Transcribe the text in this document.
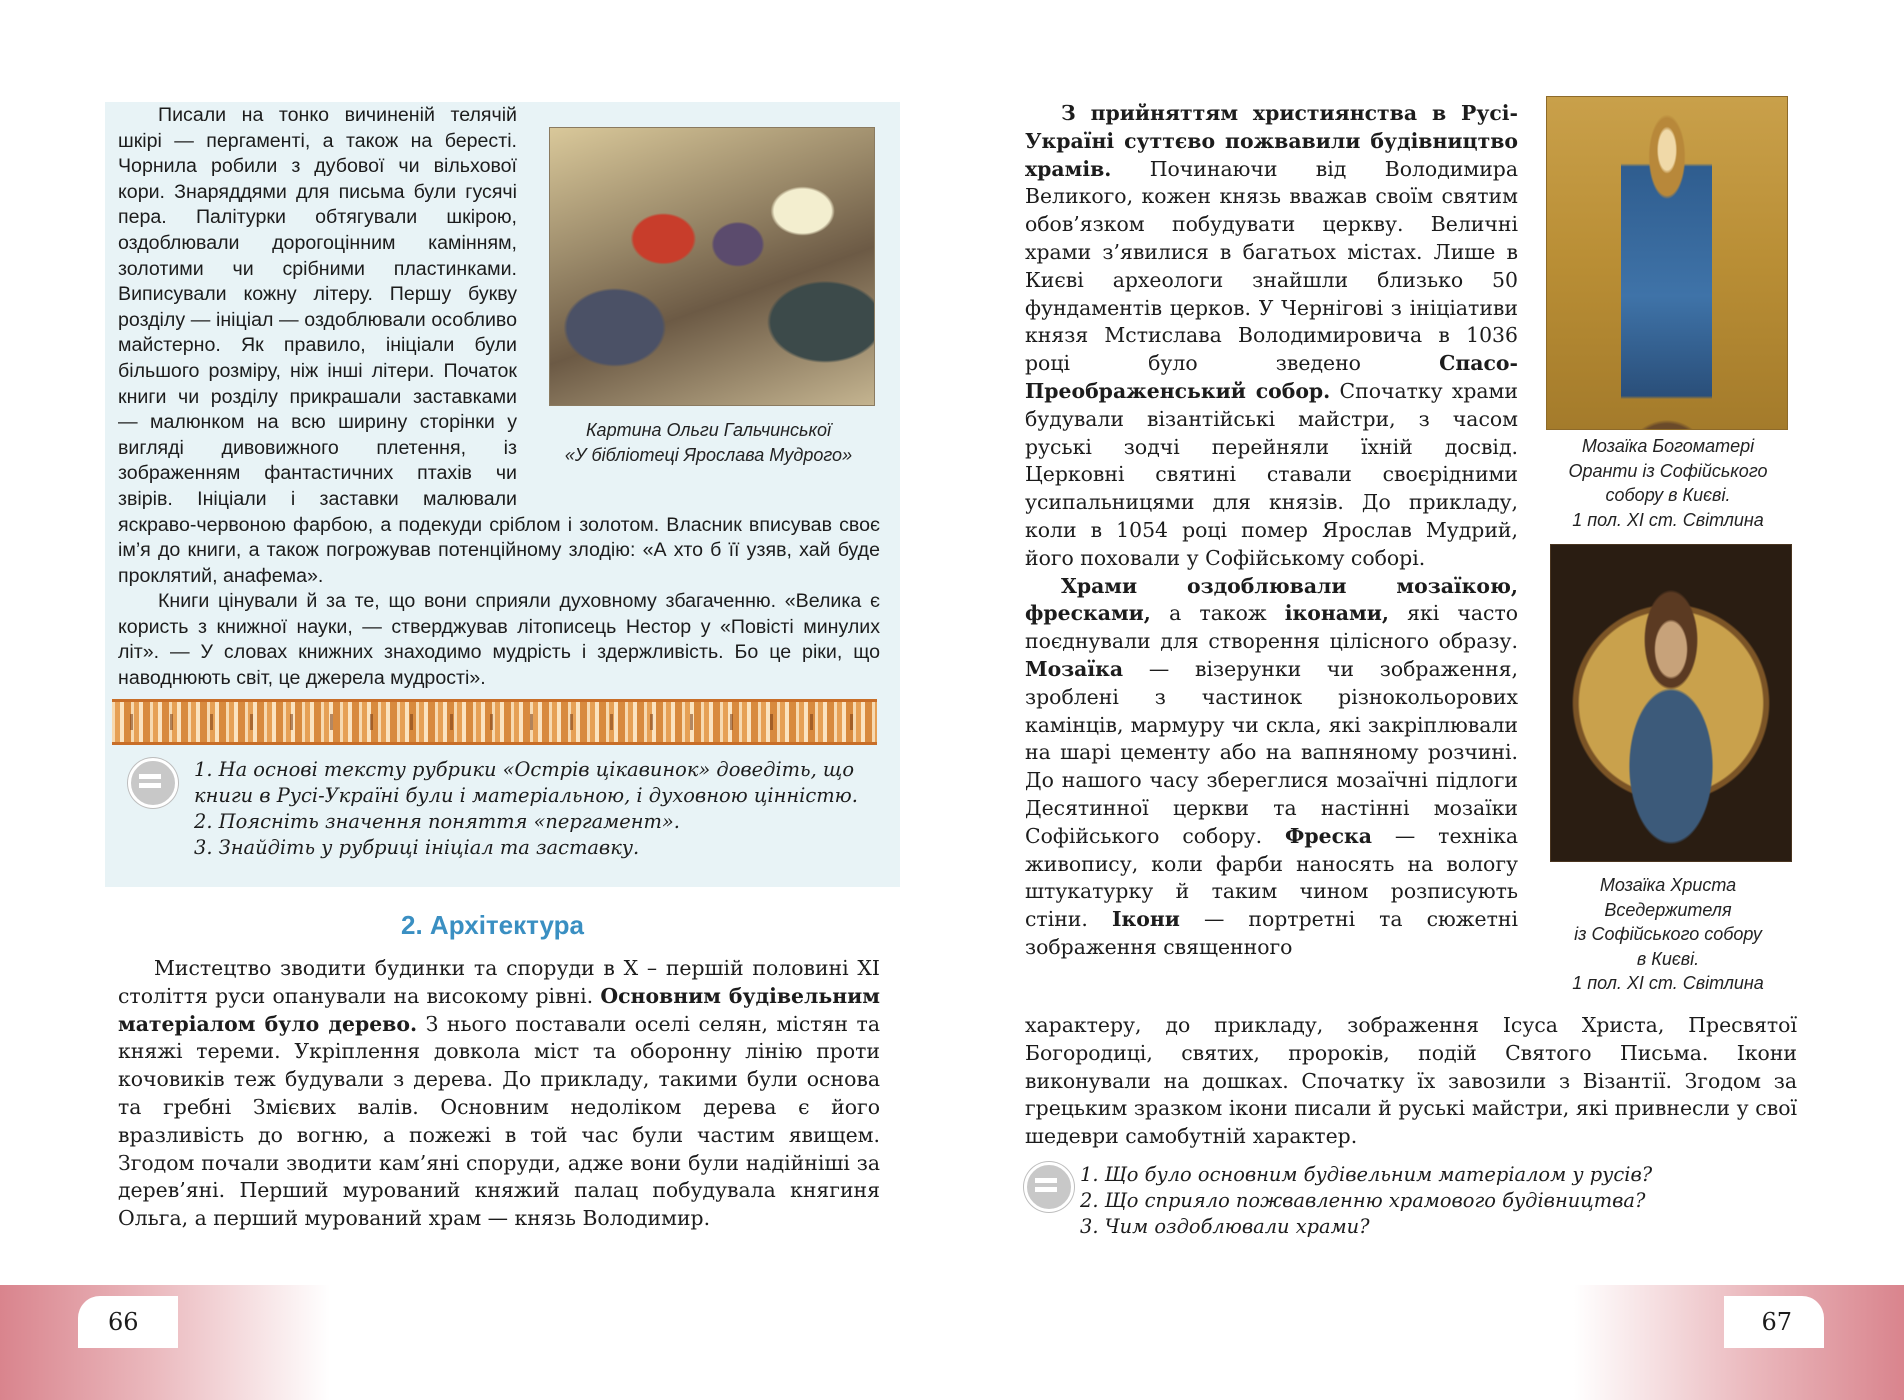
Картина Ольги Гальчинської
«У бібліотеці Ярослава Мудрого»

Писали на тонко вичиненій телячій шкірі — пергаменті, а також на бересті. Чорнила робили з дубової чи вільхової кори. Знаряддями для письма були гусячі пера. Палітурки обтягували шкірою, оздоблювали дорогоцінним камінням, золотими чи срібними пластинками. Виписували кожну літеру. Першу букву розділу — ініціал — оздоблювали особливо майстерно. Як правило, ініціали були більшого розміру, ніж інші літери. Початок книги чи розділу прикрашали заставками — малюнком на всю ширину сторінки у вигляді дивовижного плетення, із зображенням фантастичних птахів чи звірів. Ініціали і заставки малювали яскраво-червоною фарбою, а подекуди сріблом і золотом. Власник вписував своє ім’я до книги, а також погрожував потенційному злодію: «А хто б її узяв, хай буде проклятий, анафема».

Книги цінували й за те, що вони сприяли духовному збагаченню. «Велика є користь з книжної науки, — стверджував літописець Нестор у «Повісті минулих літ». — У словах книжних знаходимо мудрість і здержливість. Бо це ріки, що наводнюють світ, це джерела мудрості».

1. На основі тексту рубрики «Острів цікавинок» доведіть, що
книги в Русі-Україні були і матеріальною, і духовною цінністю.
2. Поясніть значення поняття «пергамент».
3. Знайдіть у рубриці ініціал та заставку.
2. Архітектура

Мистецтво зводити будинки та споруди в X – першій половині XI століття руси опанували на високому рівні. Основним будівельним матеріалом було дерево. З нього поставали оселі селян, містян та княжі тереми. Укріплення довкола міст та оборонну лінію проти кочовиків теж будували з дерева. До прикладу, такими були основа та гребні Змієвих валів. Основним недоліком дерева є його вразливість до вогню, а пожежі в той час були частим явищем. Згодом почали зводити кам’яні споруди, адже вони були надійніші за дерев’яні. Перший мурований княжий палац побудувала княгиня Ольга, а перший мурований храм — князь Володимир.

З прийняттям християнства в Русі-Україні суттєво пожвавили будівництво храмів. Починаючи від Володимира Великого, кожен князь вважав своїм святим обов’язком побудувати церкву. Величні храми з’явилися в багатьох містах. Лише в Києві археологи знайшли близько 50 фундаментів церков. У Чернігові з ініціативи князя Мстислава Володимировича в 1036 році було зведено	Спасо-Преображенський собор. Спочатку храми будували візантійські майстри, з часом руські зодчі перейняли їхній досвід. Церковні святині ставали своєрідними усипальницями для князів. До прикладу, коли в 1054 році помер Ярослав Мудрий, його поховали у Софійському соборі.

Храми оздоблювали мозаїкою, фресками, а також іконами, які часто поєднували для створення цілісного образу. Мозаїка — візерунки чи зображення, зроблені з частинок різнокольорових камінців, мармуру чи скла, які закріплювали на шарі цементу або на вапняному розчині. До нашого часу збереглися мозаїчні підлоги Десятинної церкви та настінні мозаїки Софійського собору. Фреска — техніка живопису, коли фарби наносять на вологу штукатурку й таким чином розписують стіни. Ікони — портретні та сюжетні зображення священного

характеру, до прикладу, зображення Ісуса Христа, Пресвятої Богородиці, святих, пророків, подій Святого Письма. Ікони виконували на дошках. Спочатку їх завозили з Візантії. Згодом за грецьким зразком ікони писали й руські майстри, які привнесли у свої шедеври самобутній характер.

Мозаїка Богоматері
Оранти із Софійського
собору в Києві.
1 пол. XI ст. Світлина
Мозаїка Христа
Вседержителя
із Софійського собору
в Києві.
1 пол. XI ст. Світлина
1. Що було основним будівельним матеріалом у русів?
2. Що сприяло пожвавленню храмового будівництва?
3. Чим оздоблювали храми?
66	67
